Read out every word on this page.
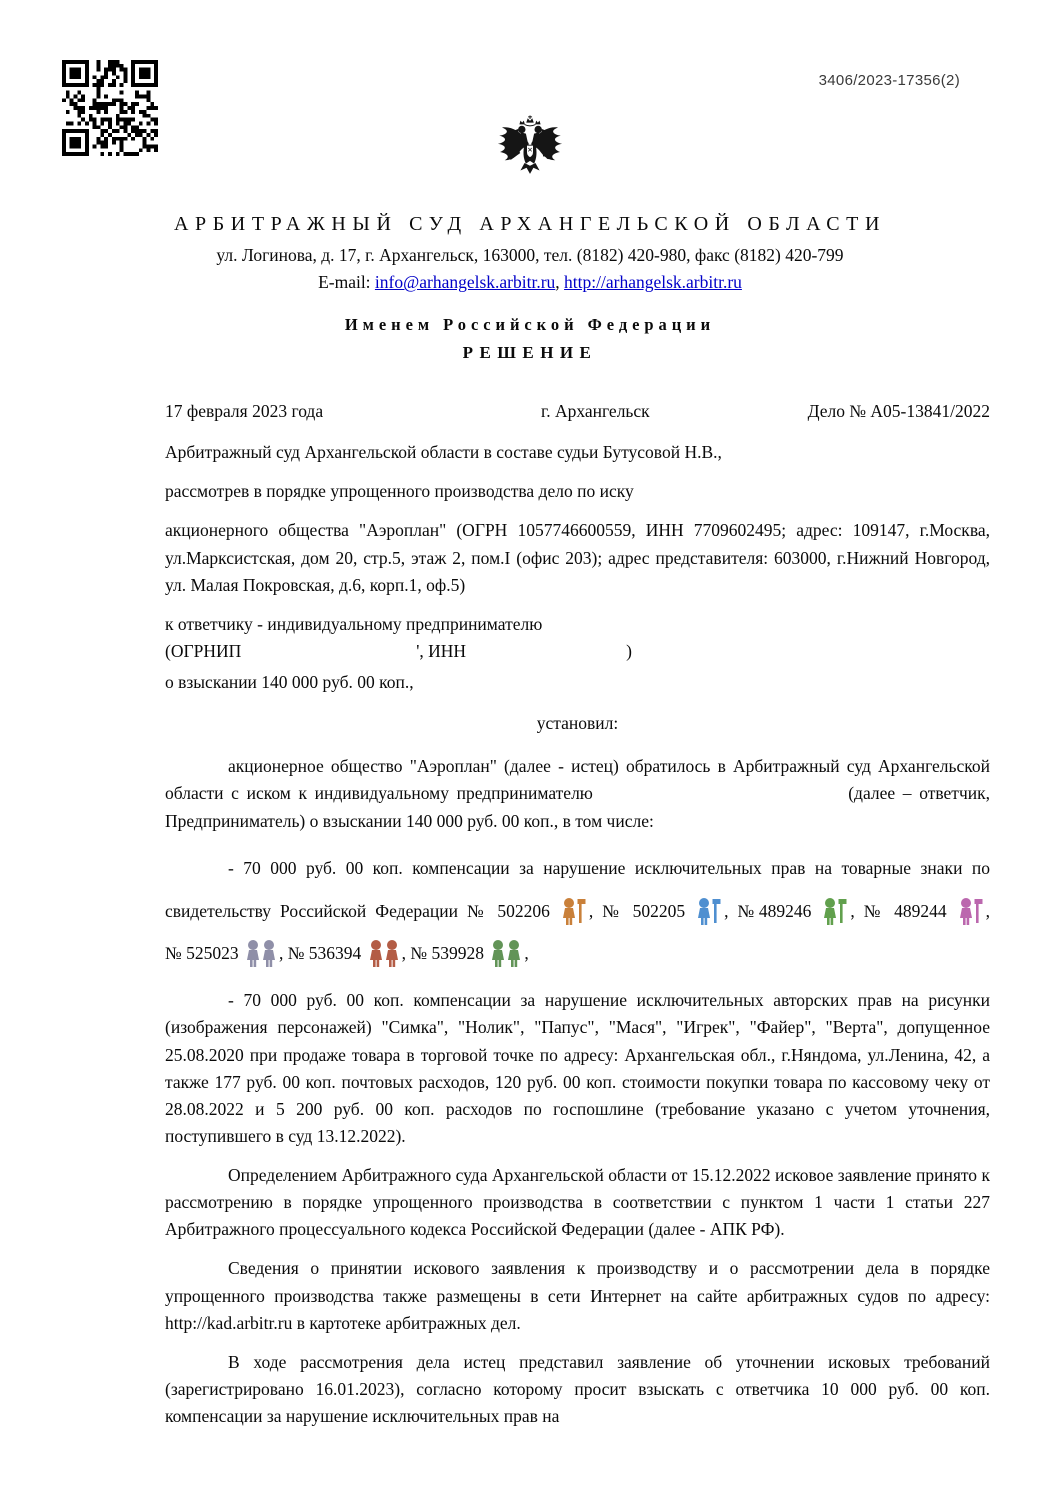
3406/2023-17356(2)
АРБИТРАЖНЫЙ СУД АРХАНГЕЛЬСКОЙ ОБЛАСТИ
ул. Логинова, д. 17, г. Архангельск, 163000, тел. (8182) 420-980, факс (8182) 420-799
E-mail: info@arhangelsk.arbitr.ru, http://arhangelsk.arbitr.ru
Именем Российской Федерации
РЕШЕНИЕ
17 февраля 2023 года	г. Архангельск	Дело № А05-13841/2022

Арбитражный суд Архангельской области в составе судьи Бутусовой Н.В.,

рассмотрев в порядке упрощенного производства дело по иску

акционерного общества "Аэроплан" (ОГРН 1057746600559, ИНН 7709602495; адрес: 109147, г.Москва, ул.Марксистская, дом 20, стр.5, этаж 2, пом.I (офис 203); адрес представителя: 603000, г.Нижний Новгород, ул. Малая Покровская, д.6, корп.1, оф.5)

к ответчику - индивидуальному предпринимателю
(ОГРНИП	', ИНН	)

о взыскании 140 000 руб. 00 коп.,

установил:

акционерное общество "Аэроплан" (далее - истец) обратилось в Арбитражный суд Архангельской области с иском к индивидуальному предпринимателю	(далее – ответчик, Предприниматель) о взыскании 140 000 руб. 00 коп., в том числе:

- 70 000 руб. 00 коп. компенсации за нарушение исключительных прав на товарные знаки по свидетельству Российской Федерации № 502206 , № 502205 , №489246 , № 489244 , № 525023 , № 536394 , № 539928 ,

- 70 000 руб. 00 коп. компенсации за нарушение исключительных авторских прав на рисунки (изображения персонажей) "Симка", "Нолик", "Папус", "Мася", "Игрек", "Файер", "Верта", допущенное 25.08.2020 при продаже товара в торговой точке по адресу: Архангельская обл., г.Няндома, ул.Ленина, 42, а также 177 руб. 00 коп. почтовых расходов, 120 руб. 00 коп. стоимости покупки товара по кассовому чеку от 28.08.2022 и 5 200 руб. 00 коп. расходов по госпошлине (требование указано с учетом уточнения, поступившего в суд 13.12.2022).

Определением Арбитражного суда Архангельской области от 15.12.2022 исковое заявление принято к рассмотрению в порядке упрощенного производства в соответствии с пунктом 1 части 1 статьи 227 Арбитражного процессуального кодекса Российской Федерации (далее - АПК РФ).

Сведения о принятии искового заявления к производству и о рассмотрении дела в порядке упрощенного производства также размещены в сети Интернет на сайте арбитражных судов по адресу: http://kad.arbitr.ru в картотеке арбитражных дел.

В ходе рассмотрения дела истец представил заявление об уточнении исковых требований (зарегистрировано 16.01.2023), согласно которому просит взыскать с ответчика 10 000 руб. 00 коп. компенсации за нарушение исключительных прав на
